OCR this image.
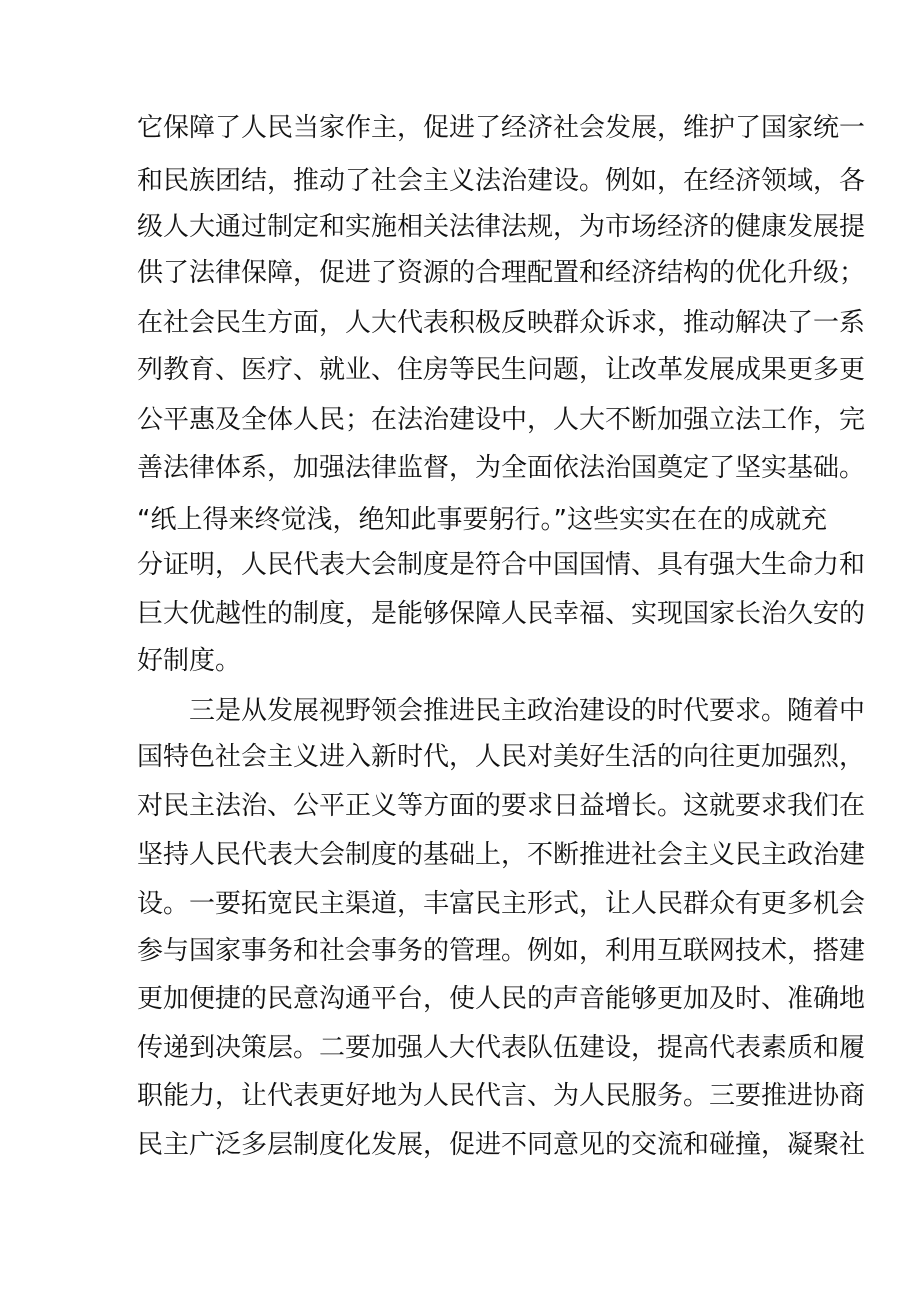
它保障了人民当家作主，促进了经济社会发展，维护了国家统一
和民族团结，推动了社会主义法治建设。例如，在经济领域，各
级人大通过制定和实施相关法律法规，为市场经济的健康发展提
供了法律保障，促进了资源的合理配置和经济结构的优化升级；
在社会民生方面，人大代表积极反映群众诉求，推动解决了一系
列教育、医疗、就业、住房等民生问题，让改革发展成果更多更
公平惠及全体人民；在法治建设中，人大不断加强立法工作，完
善法律体系，加强法律监督，为全面依法治国奠定了坚实基础。
“纸上得来终觉浅，绝知此事要躬行。”这些实实在在的成就充
分证明，人民代表大会制度是符合中国国情、具有强大生命力和
巨大优越性的制度，是能够保障人民幸福、实现国家长治久安的
好制度。
三是从发展视野领会推进民主政治建设的时代要求。随着中
国特色社会主义进入新时代，人民对美好生活的向往更加强烈，
对民主法治、公平正义等方面的要求日益增长。这就要求我们在
坚持人民代表大会制度的基础上，不断推进社会主义民主政治建
设。一要拓宽民主渠道，丰富民主形式，让人民群众有更多机会
参与国家事务和社会事务的管理。例如，利用互联网技术，搭建
更加便捷的民意沟通平台，使人民的声音能够更加及时、准确地
传递到决策层。二要加强人大代表队伍建设，提高代表素质和履
职能力，让代表更好地为人民代言、为人民服务。三要推进协商
民主广泛多层制度化发展，促进不同意见的交流和碰撞，凝聚社
